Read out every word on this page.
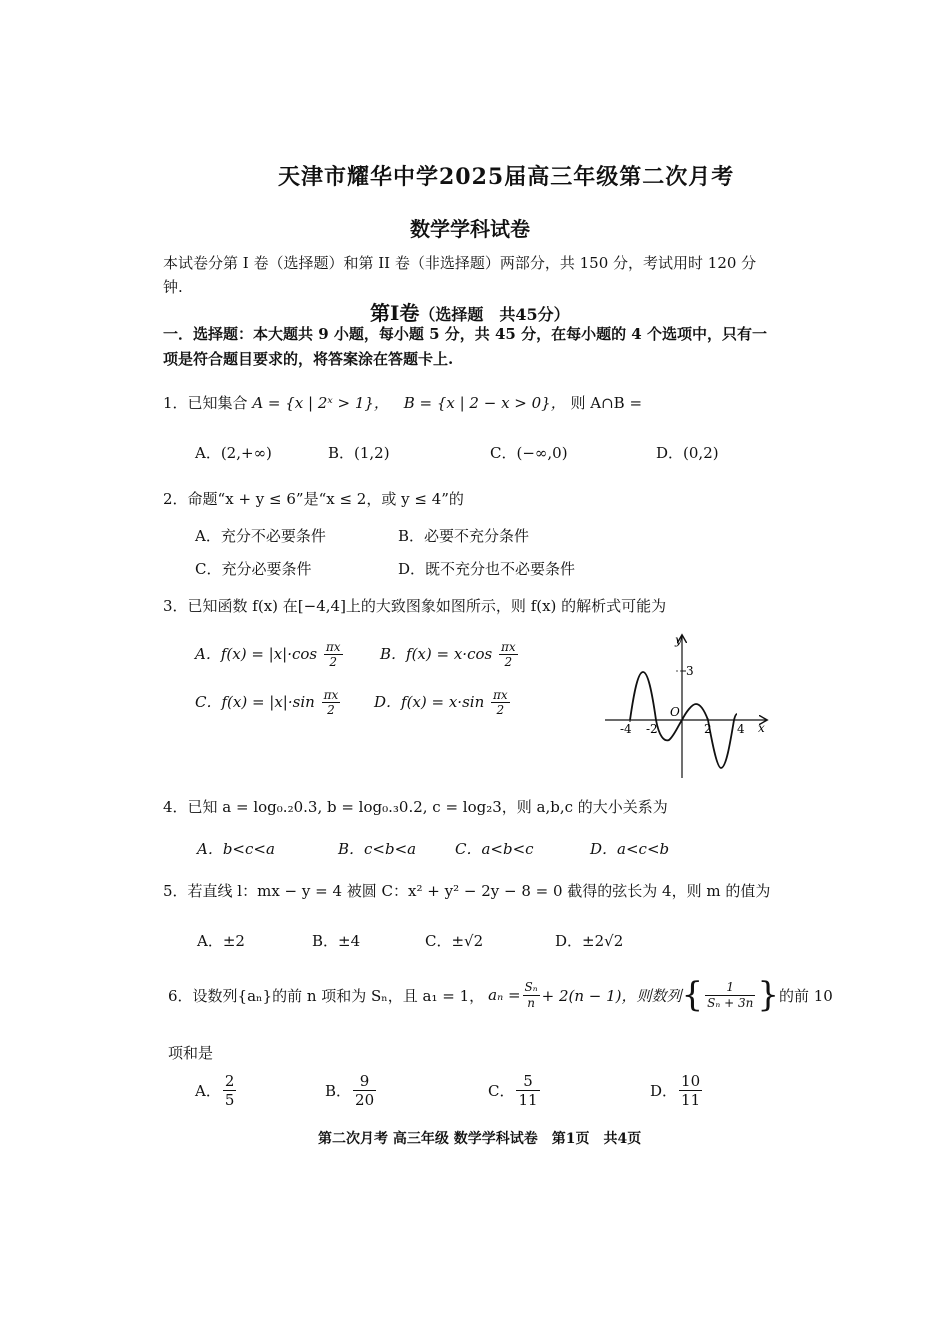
天津市耀华中学2025届高三年级第二次月考
数学学科试卷
本试卷分第 I 卷（选择题）和第 II 卷（非选择题）两部分，共 150 分，考试用时 120 分
钟.
第I卷（选择题　共45分）
一．选择题：本大题共 9 小题，每小题 5 分，共 45 分，在每小题的 4 个选项中，只有一
项是符合题目要求的，将答案涂在答题卡上.
1．已知集合 A = {x | 2ˣ > 1}， B = {x | 2 − x > 0}， 则 A∩B =
A．(2,+∞)	B．(1,2)	C．(−∞,0)	D．(0,2)
2．命题“x + y ≤ 6”是“x ≤ 2，或 y ≤ 4”的
A．充分不必要条件	B．必要不充分条件
C．充分必要条件	D．既不充分也不必要条件
3．已知函数 f(x) 在[−4,4]上的大致图象如图所示，则 f(x) 的解析式可能为
A．$f(x) = |x|\cdot\cos \frac{\pi x}{2}$ B．$f(x) = x\cdot\cos \frac{\pi x}{2}$
C．$f(x) = |x|\cdot\sin \frac{\pi x}{2}$ D．$f(x) = x\cdot\sin \frac{\pi x}{2}$
y
x
O
3
-4 -2	2 4
4．已知 a = log₀.₂0.3, b = log₀.₃0.2, c = log₂3，则 a,b,c 的大小关系为
A．b<c<a	B．c<b<a	C．a<b<c	D．a<c<b
5．若直线 l：mx − y = 4 被圆 C：x² + y² − 2y − 8 = 0 截得的弦长为 4，则 m 的值为
A．±2	B．±4	C．±√2	D．±2√2
6．设数列{aₙ}的前 n 项和为 Sₙ，且 a₁ = 1， $a_n = \frac{\text{Sₙ}}{n} + 2(n - 1)$，则数列 { $\frac{1}{\text{Sₙ + 3n}}$ } 的前 10
项和是
A． $\frac{2}{5}$	B． $\frac{9}{20}$	C． $\frac{5}{11}$	D． $\frac{10}{11}$
第二次月考 高三年级 数学学科试卷　第1页　共4页
